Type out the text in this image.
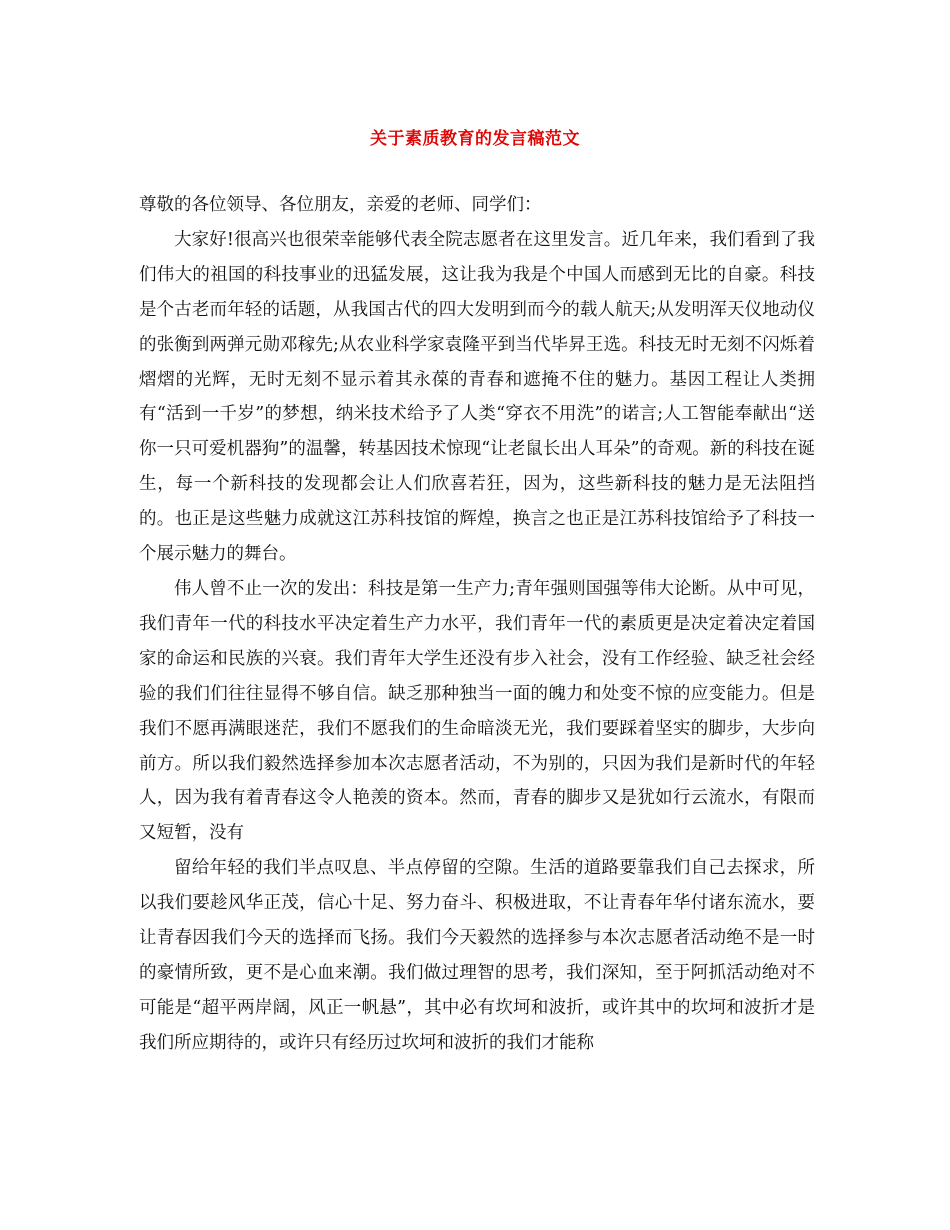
关于素质教育的发言稿范文

尊敬的各位领导、各位朋友，亲爱的老师、同学们：

大家好!很高兴也很荣幸能够代表全院志愿者在这里发言。近几年来，我们看到了我们伟大的祖国的科技事业的迅猛发展，这让我为我是个中国人而感到无比的自豪。科技是个古老而年轻的话题，从我国古代的四大发明到而今的载人航天;从发明浑天仪地动仪的张衡到两弹元勋邓稼先;从农业科学家袁隆平到当代毕昇王选。科技无时无刻不闪烁着熠熠的光辉，无时无刻不显示着其永葆的青春和遮掩不住的魅力。基因工程让人类拥有“活到一千岁”的梦想，纳米技术给予了人类“穿衣不用洗”的诺言;人工智能奉献出“送你一只可爱机器狗”的温馨，转基因技术惊现“让老鼠长出人耳朵”的奇观。新的科技在诞生，每一个新科技的发现都会让人们欣喜若狂，因为，这些新科技的魅力是无法阻挡的。也正是这些魅力成就这江苏科技馆的辉煌，换言之也正是江苏科技馆给予了科技一个展示魅力的舞台。

伟人曾不止一次的发出：科技是第一生产力;青年强则国强等伟大论断。从中可见，我们青年一代的科技水平决定着生产力水平，我们青年一代的素质更是决定着决定着国家的命运和民族的兴衰。我们青年大学生还没有步入社会，没有工作经验、缺乏社会经验的我们们往往显得不够自信。缺乏那种独当一面的魄力和处变不惊的应变能力。但是我们不愿再满眼迷茫，我们不愿我们的生命暗淡无光，我们要踩着坚实的脚步，大步向前方。所以我们毅然选择参加本次志愿者活动，不为别的，只因为我们是新时代的年轻人，因为我有着青春这令人艳羡的资本。然而，青春的脚步又是犹如行云流水，有限而又短暂，没有

留给年轻的我们半点叹息、半点停留的空隙。生活的道路要靠我们自己去探求，所以我们要趁风华正茂，信心十足、努力奋斗、积极进取，不让青春年华付诸东流水，要让青春因我们今天的选择而飞扬。我们今天毅然的选择参与本次志愿者活动绝不是一时的豪情所致，更不是心血来潮。我们做过理智的思考，我们深知，至于阿抓活动绝对不可能是“超平两岸阔，风正一帆悬”，其中必有坎坷和波折，或许其中的坎坷和波折才是我们所应期待的，或许只有经历过坎坷和波折的我们才能称
